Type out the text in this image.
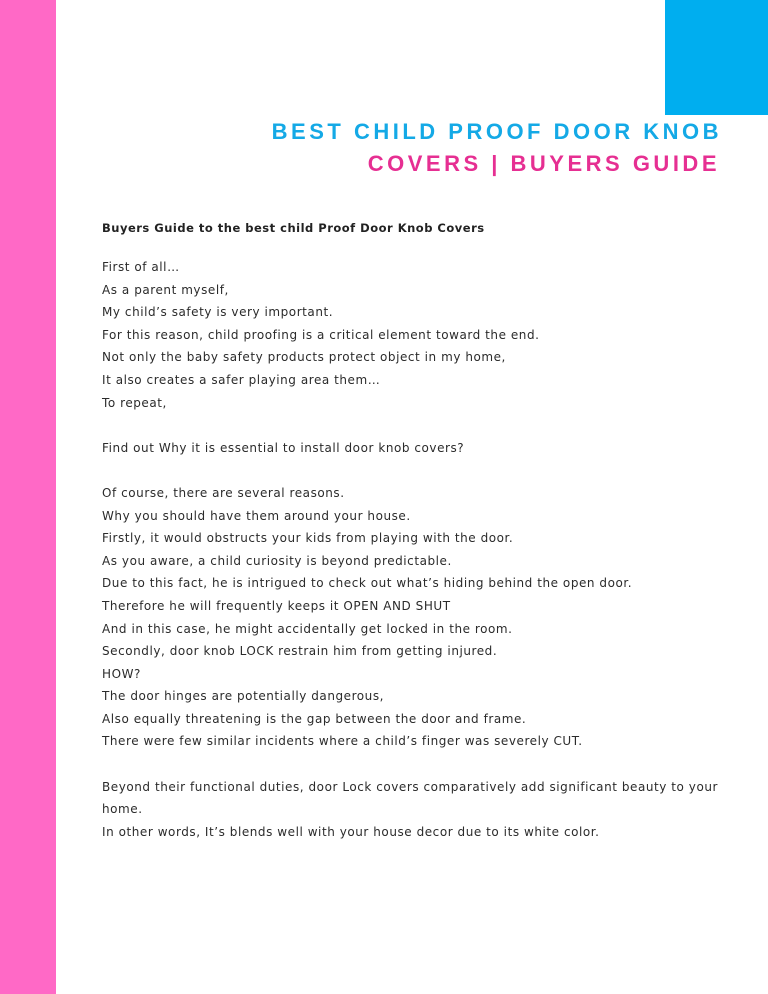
BEST CHILD PROOF DOOR KNOB
COVERS | BUYERS GUIDE
Buyers Guide to the best child Proof Door Knob Covers
First of all…
As a parent myself,
My child’s safety is very important.
For this reason, child proofing is a critical element toward the end.
Not only the baby safety products protect object in my home,
It also creates a safer playing area them…
To repeat,
Find out Why it is essential to install door knob covers?
Of course, there are several reasons.
Why you should have them around your house.
Firstly, it would obstructs your kids from playing with the door.
As you aware, a child curiosity is beyond predictable.
Due to this fact, he is intrigued to check out what’s hiding behind the open door.
Therefore he will frequently keeps it OPEN AND SHUT
And in this case, he might accidentally get locked in the room.
Secondly, door knob LOCK restrain him from getting injured.
HOW?
The door hinges are potentially dangerous,
Also equally threatening is the gap between the door and frame.
There were few similar incidents where a child’s finger was severely CUT.
Beyond their functional duties, door Lock covers comparatively add significant beauty to your home.
In other words, It’s blends well with your house decor due to its white color.
